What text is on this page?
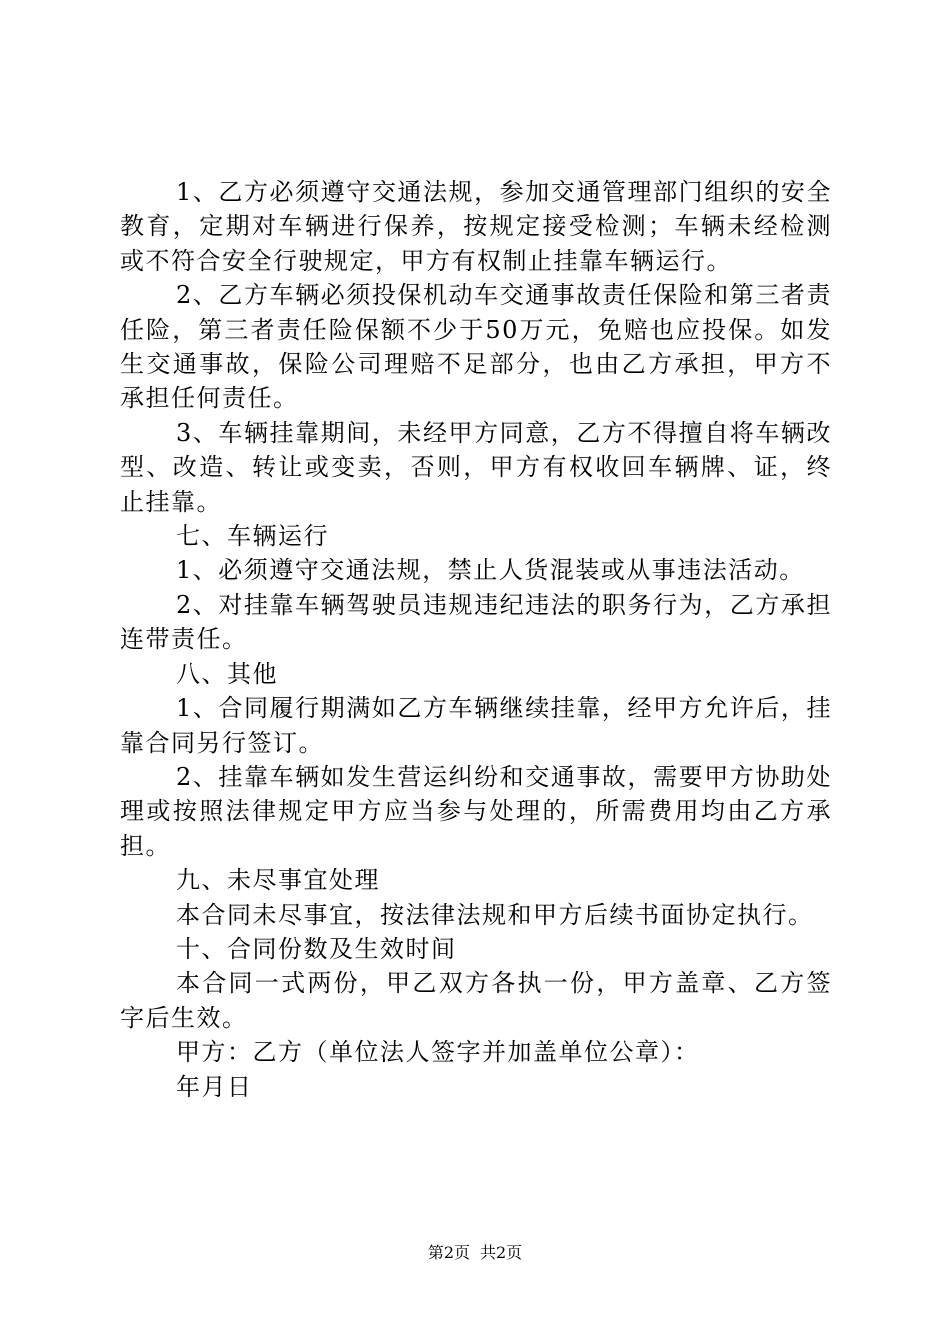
1、乙方必须遵守交通法规，参加交通管理部门组织的安全教育，定期对车辆进行保养，按规定接受检测；车辆未经检测或不符合安全行驶规定，甲方有权制止挂靠车辆运行。

2、乙方车辆必须投保机动车交通事故责任保险和第三者责任险，第三者责任险保额不少于50万元，免赔也应投保。如发生交通事故，保险公司理赔不足部分，也由乙方承担，甲方不承担任何责任。

3、车辆挂靠期间，未经甲方同意，乙方不得擅自将车辆改型、改造、转让或变卖，否则，甲方有权收回车辆牌、证，终止挂靠。

七、车辆运行

1、必须遵守交通法规，禁止人货混装或从事违法活动。

2、对挂靠车辆驾驶员违规违纪违法的职务行为，乙方承担连带责任。

八、其他

1、合同履行期满如乙方车辆继续挂靠，经甲方允许后，挂靠合同另行签订。

2、挂靠车辆如发生营运纠纷和交通事故，需要甲方协助处理或按照法律规定甲方应当参与处理的，所需费用均由乙方承担。

九、未尽事宜处理

本合同未尽事宜，按法律法规和甲方后续书面协定执行。

十、合同份数及生效时间

本合同一式两份，甲乙双方各执一份，甲方盖章、乙方签字后生效。

甲方：乙方（单位法人签字并加盖单位公章）：

年月日

第2页 共2页
